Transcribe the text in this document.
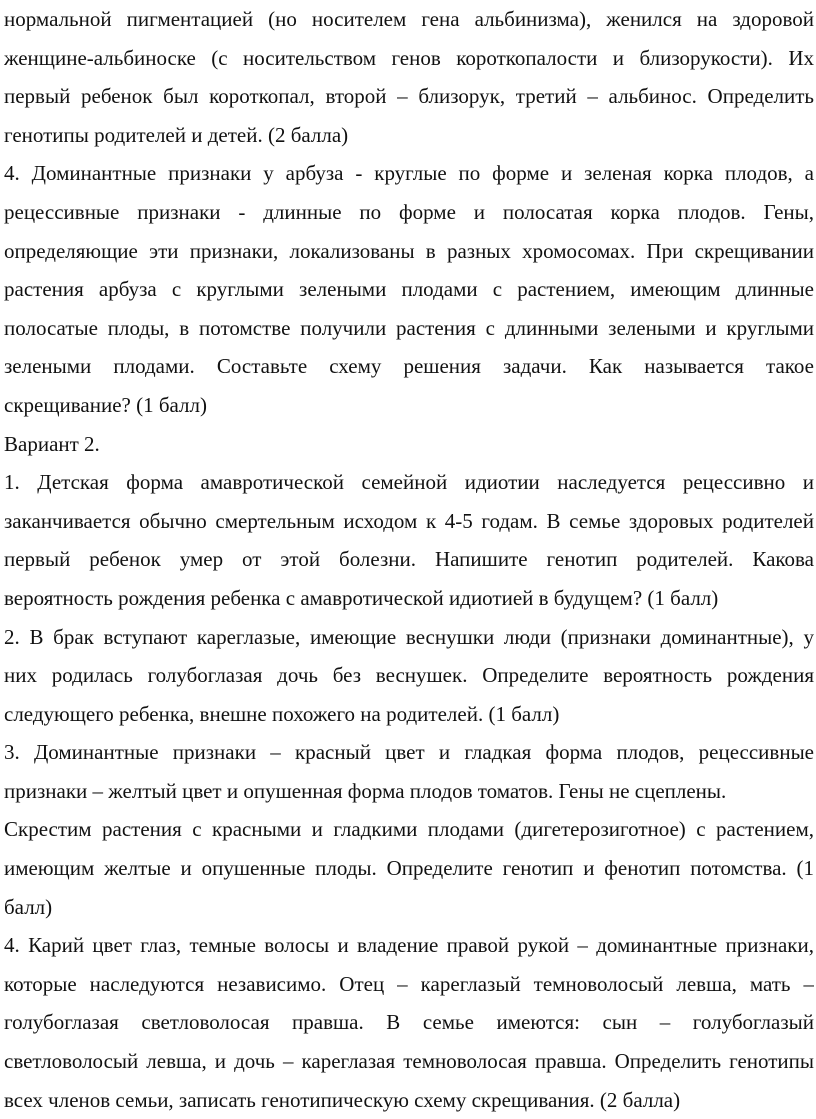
нормальной пигментацией (но носителем гена альбинизма), женился на здоровой
женщине-альбиноске (с носительством генов короткопалости и близорукости). Их
первый ребенок был короткопал, второй – близорук, третий – альбинос. Определить
генотипы родителей и детей. (2 балла)
4. Доминантные признаки у арбуза - круглые по форме и зеленая корка плодов, а
рецессивные признаки - длинные по форме и полосатая корка плодов. Гены,
определяющие эти признаки, локализованы в разных хромосомах. При скрещивании
растения арбуза с круглыми зелеными плодами с растением, имеющим длинные
полосатые плоды, в потомстве получили растения с длинными зелеными и круглыми
зелеными плодами. Составьте схему решения задачи. Как называется такое
скрещивание? (1 балл)
Вариант 2.
1. Детская форма амавротической семейной идиотии наследуется рецессивно и
заканчивается обычно смертельным исходом к 4-5 годам. В семье здоровых родителей
первый ребенок умер от этой болезни. Напишите генотип родителей. Какова
вероятность рождения ребенка с амавротической идиотией в будущем? (1 балл)
2. В брак вступают кареглазые, имеющие веснушки люди (признаки доминантные), у
них родилась голубоглазая дочь без веснушек. Определите вероятность рождения
следующего ребенка, внешне похожего на родителей. (1 балл)
3. Доминантные признаки – красный цвет и гладкая форма плодов, рецессивные
признаки – желтый цвет и опушенная форма плодов томатов. Гены не сцеплены.
Скрестим растения с красными и гладкими плодами (дигетерозиготное) с растением,
имеющим желтые и опушенные плоды. Определите генотип и фенотип потомства. (1
балл)
4. Карий цвет глаз, темные волосы и владение правой рукой – доминантные признаки,
которые наследуются независимо. Отец – кареглазый темноволосый левша, мать –
голубоглазая светловолосая правша. В семье имеются: сын – голубоглазый
светловолосый левша, и дочь – кареглазая темноволосая правша. Определить генотипы
всех членов семьи, записать генотипическую схему скрещивания. (2 балла)
